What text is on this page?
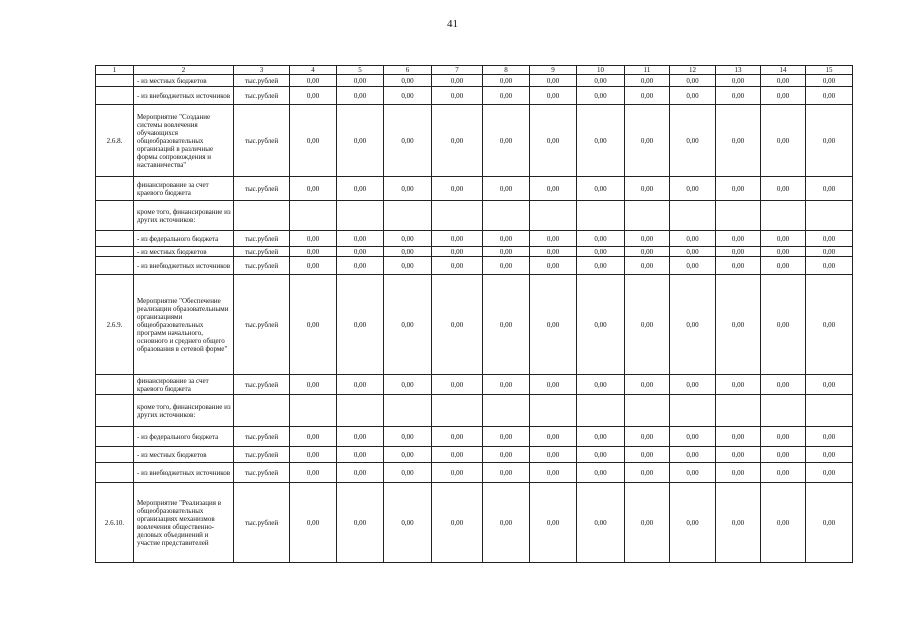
41
1	2	3	4	5	6	7	8	9	10	11	12	13	14	15
	- из местных бюджетов	тыс.рублей	0,00	0,00	0,00	0,00	0,00	0,00	0,00	0,00	0,00	0,00	0,00	0,00
	- из внебюджетных источников	тыс.рублей	0,00	0,00	0,00	0,00	0,00	0,00	0,00	0,00	0,00	0,00	0,00	0,00
2.6.8.	Мероприятие "Создание системы вовлечения обучающихся общеобразовательных организаций в различные формы сопровождения и наставничества"	тыс.рублей	0,00	0,00	0,00	0,00	0,00	0,00	0,00	0,00	0,00	0,00	0,00	0,00
	финансирование за счет краевого бюджета	тыс.рублей	0,00	0,00	0,00	0,00	0,00	0,00	0,00	0,00	0,00	0,00	0,00	0,00
	кроме того, финансирование из других источников:													
	- из федерального бюджета	тыс.рублей	0,00	0,00	0,00	0,00	0,00	0,00	0,00	0,00	0,00	0,00	0,00	0,00
	- из местных бюджетов	тыс.рублей	0,00	0,00	0,00	0,00	0,00	0,00	0,00	0,00	0,00	0,00	0,00	0,00
	- из внебюджетных источников	тыс.рублей	0,00	0,00	0,00	0,00	0,00	0,00	0,00	0,00	0,00	0,00	0,00	0,00
2.6.9.	Мероприятие "Обеспечение реализации образовательными организациями общеобразовательных программ начального, основного и среднего общего образования в сетевой форме"	тыс.рублей	0,00	0,00	0,00	0,00	0,00	0,00	0,00	0,00	0,00	0,00	0,00	0,00
	финансирование за счет краевого бюджета	тыс.рублей	0,00	0,00	0,00	0,00	0,00	0,00	0,00	0,00	0,00	0,00	0,00	0,00
	кроме того, финансирование из других источников:													
	- из федерального бюджета	тыс.рублей	0,00	0,00	0,00	0,00	0,00	0,00	0,00	0,00	0,00	0,00	0,00	0,00
	- из местных бюджетов	тыс.рублей	0,00	0,00	0,00	0,00	0,00	0,00	0,00	0,00	0,00	0,00	0,00	0,00
	- из внебюджетных источников	тыс.рублей	0,00	0,00	0,00	0,00	0,00	0,00	0,00	0,00	0,00	0,00	0,00	0,00
2.6.10.	Мероприятие "Реализация в общеобразовательных организациях механизмов вовлечения общественно-деловых объединений и участие представителей	тыс.рублей	0,00	0,00	0,00	0,00	0,00	0,00	0,00	0,00	0,00	0,00	0,00	0,00
